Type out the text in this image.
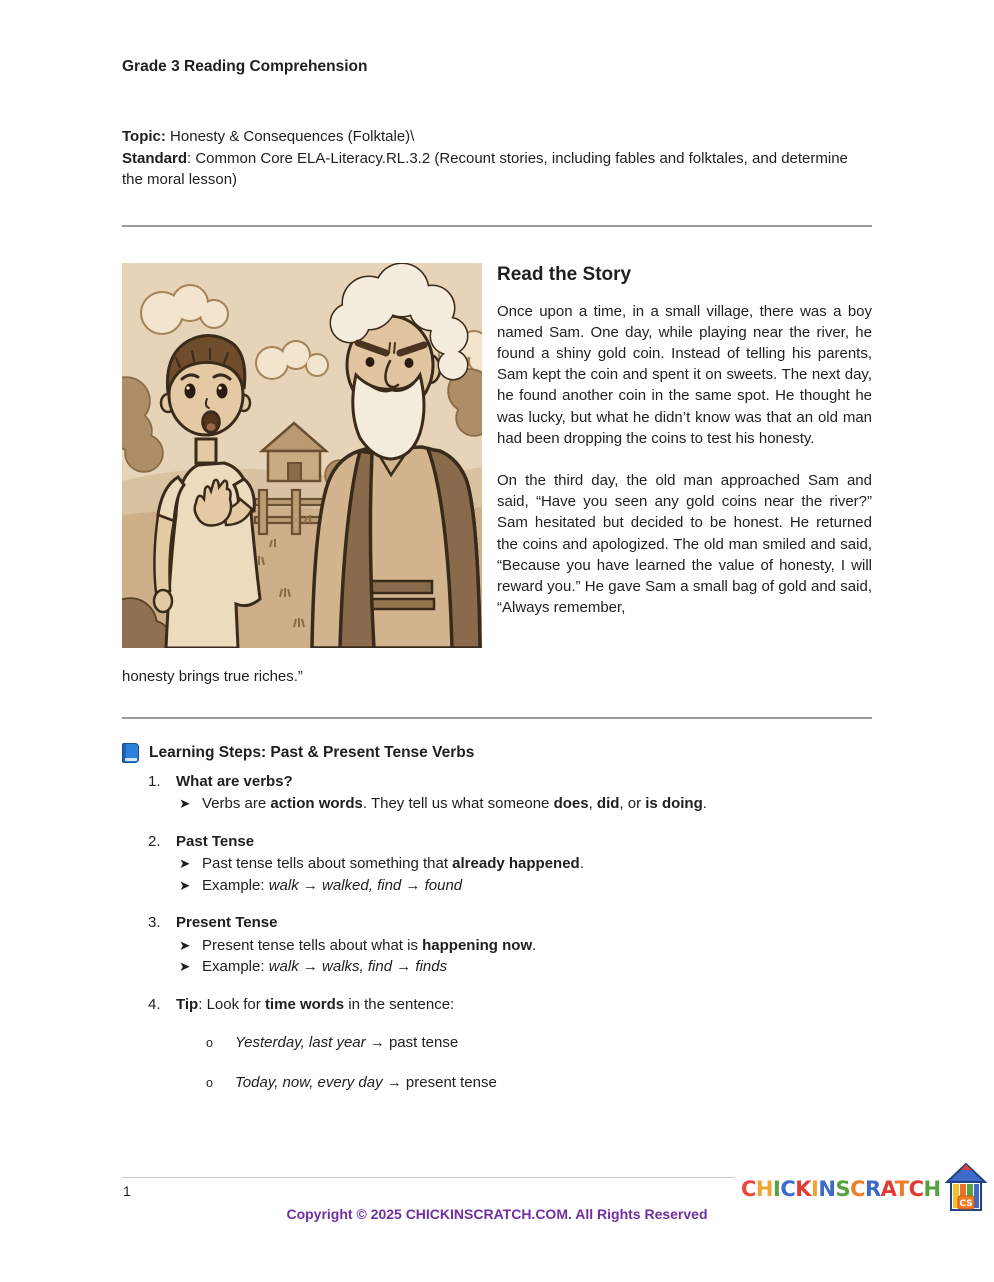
Grade 3 Reading Comprehension

Topic: Honesty & Consequences (Folktale)\

Standard: Common Core ELA-Literacy.RL.3.2 (Recount stories, including fables and folktales, and determine the moral lesson)

Read the Story

Once upon a time, in a small village, there was a boy named Sam. One day, while playing near the river, he found a shiny gold coin. Instead of telling his parents, Sam kept the coin and spent it on sweets. The next day, he found another coin in the same spot. He thought he was lucky, but what he didn’t know was that an old man had been dropping the coins to test his honesty.

On the third day, the old man approached Sam and said, “Have you seen any gold coins near the river?” Sam hesitated but decided to be honest. He returned the coins and apologized. The old man smiled and said, “Because you have learned the value of honesty, I will reward you.” He gave Sam a small bag of gold and said, “Always remember,

honesty brings true riches.”

Learning Steps: Past & Present Tense Verbs
1. What are verbs?
➤ Verbs are action words. They tell us what someone does, did, or is doing.
2. Past Tense
➤ Past tense tells about something that already happened.
➤ Example: walk → walked, find → found
3. Present Tense
➤ Present tense tells about what is happening now.
➤ Example: walk → walks, find → finds
4. Tip: Look for time words in the sentence:
o Yesterday, last year → past tense
o Today, now, every day → present tense
1	CHICKINSCRATCH
CS
Copyright © 2025 CHICKINSCRATCH.COM. All Rights Reserved
